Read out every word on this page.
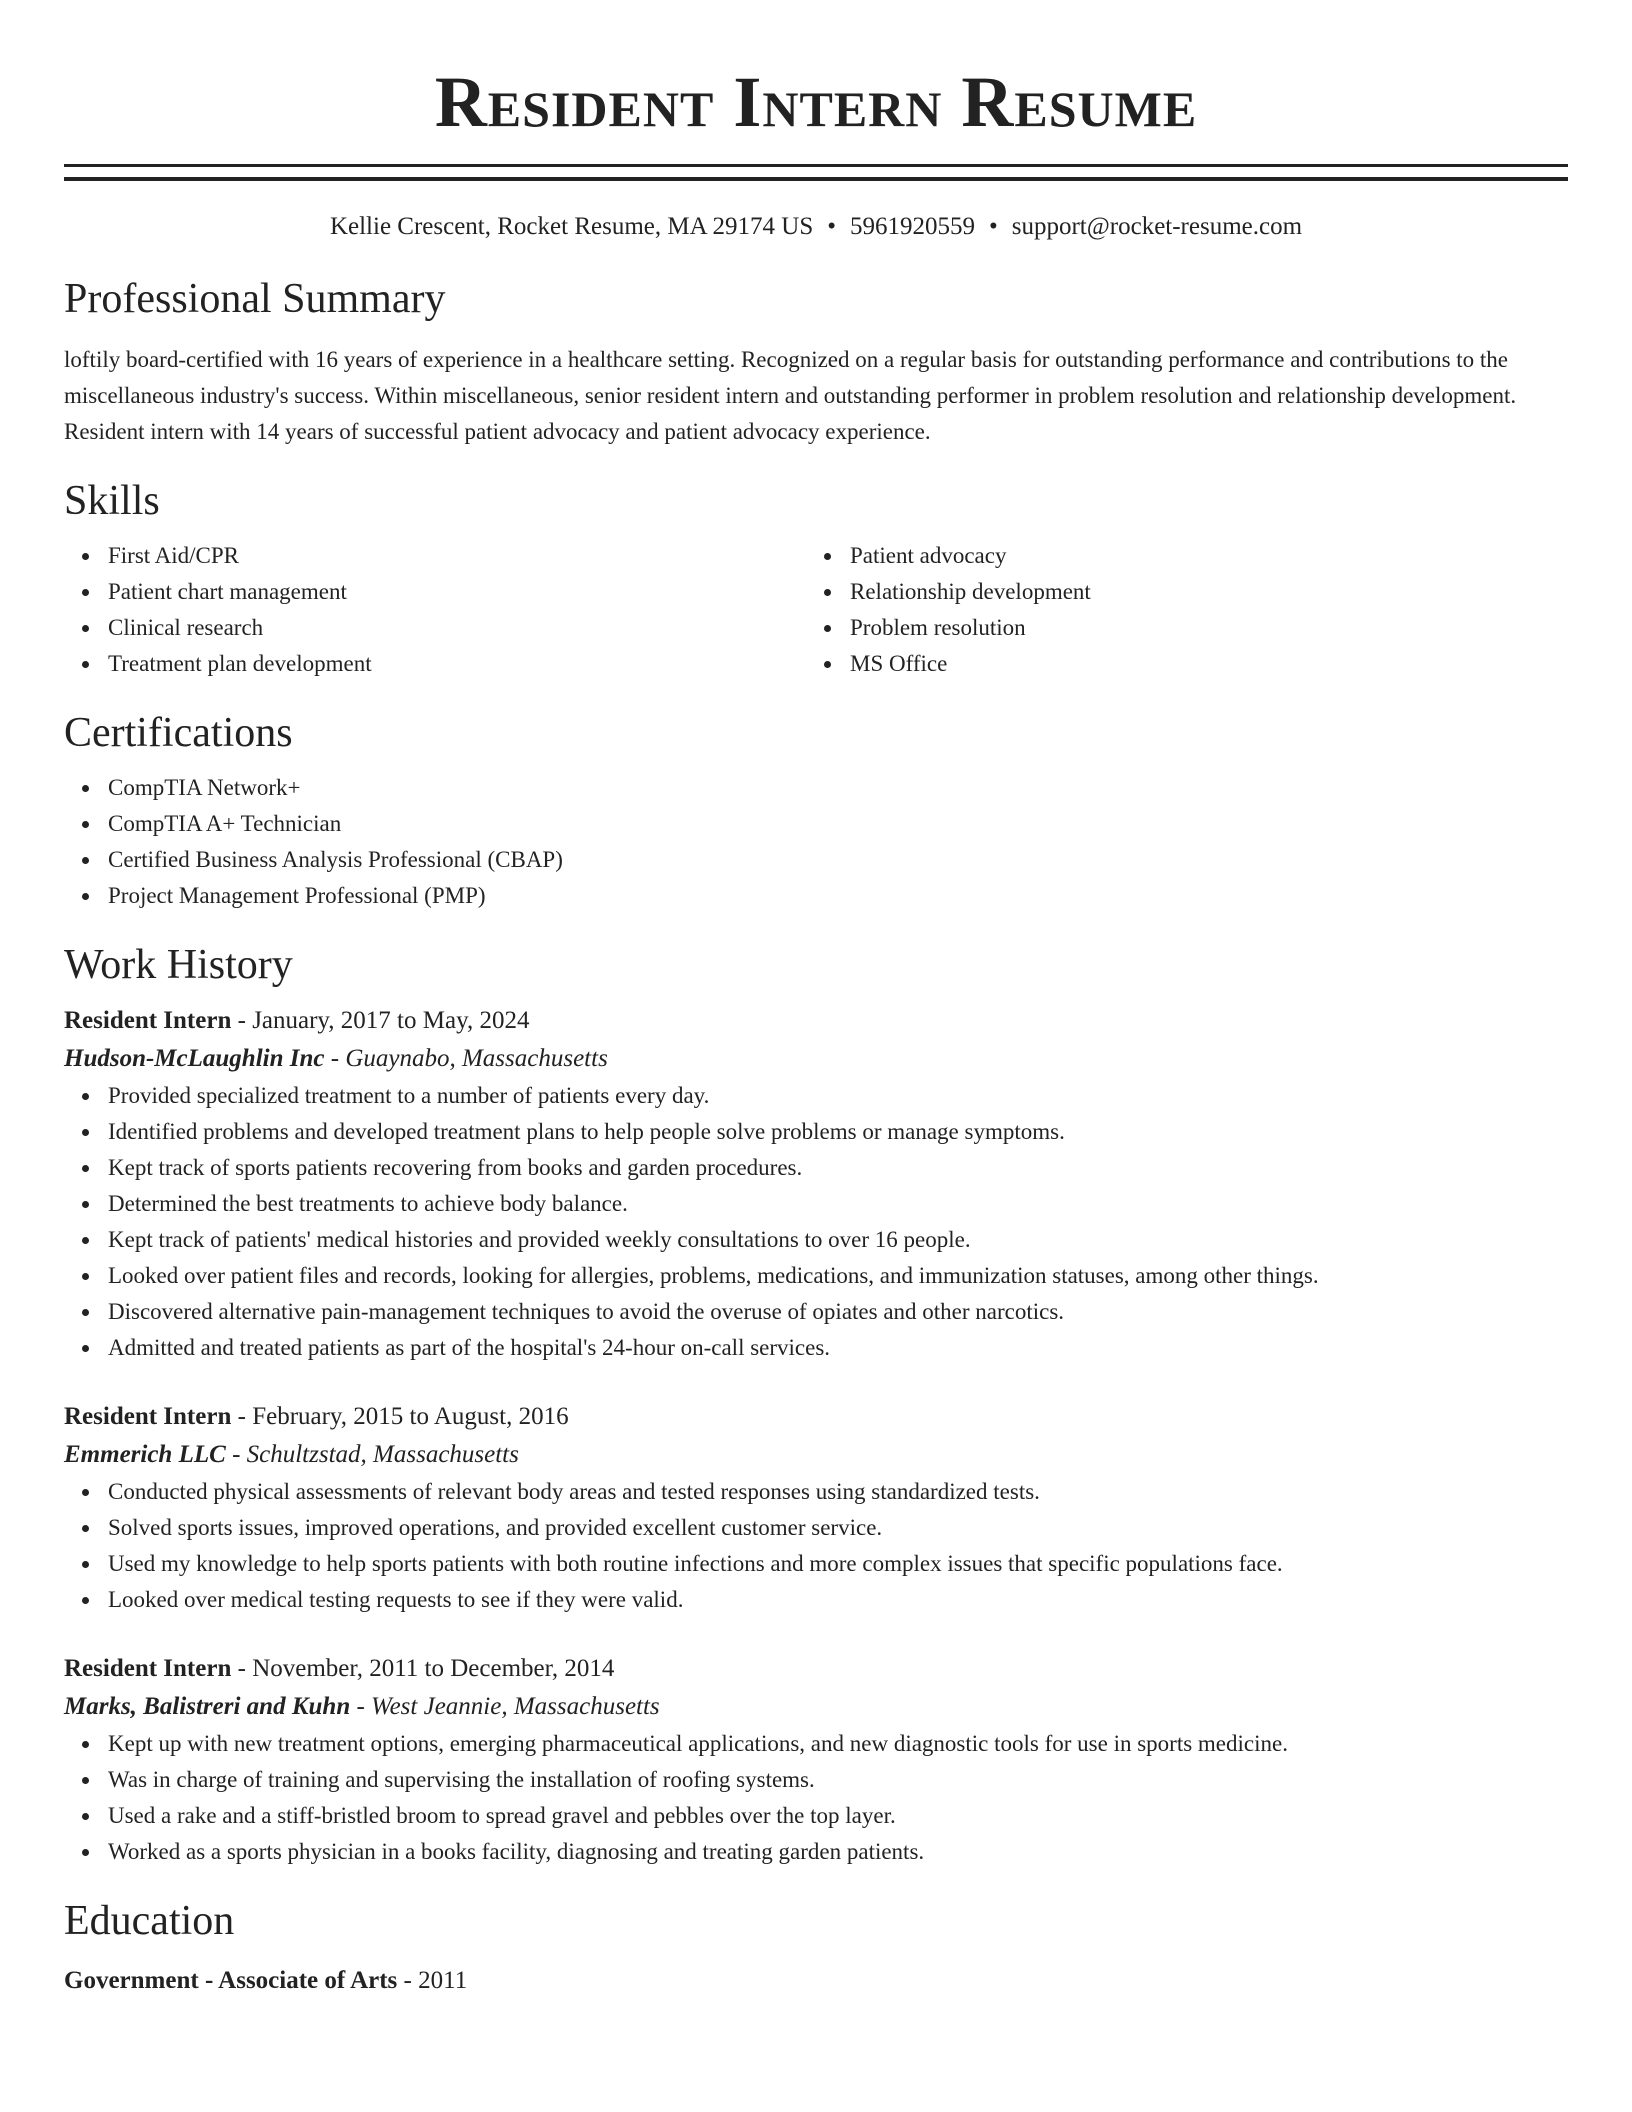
Resident Intern Resume
Kellie Crescent, Rocket Resume, MA 29174 US • 5961920559 • support@rocket-resume.com
Professional Summary

loftily board-certified with 16 years of experience in a healthcare setting. Recognized on a regular basis for outstanding performance and contributions to the miscellaneous industry's success. Within miscellaneous, senior resident intern and outstanding performer in problem resolution and relationship development. Resident intern with 14 years of successful patient advocacy and patient advocacy experience.

Skills
First Aid/CPR
Patient chart management
Clinical research
Treatment plan development
Patient advocacy
Relationship development
Problem resolution
MS Office
Certifications
CompTIA Network+
CompTIA A+ Technician
Certified Business Analysis Professional (CBAP)
Project Management Professional (PMP)
Work History
Resident Intern - January, 2017 to May, 2024
Hudson-McLaughlin Inc - Guaynabo, Massachusetts
Provided specialized treatment to a number of patients every day.
Identified problems and developed treatment plans to help people solve problems or manage symptoms.
Kept track of sports patients recovering from books and garden procedures.
Determined the best treatments to achieve body balance.
Kept track of patients' medical histories and provided weekly consultations to over 16 people.
Looked over patient files and records, looking for allergies, problems, medications, and immunization statuses, among other things.
Discovered alternative pain-management techniques to avoid the overuse of opiates and other narcotics.
Admitted and treated patients as part of the hospital's 24-hour on-call services.
Resident Intern - February, 2015 to August, 2016
Emmerich LLC - Schultzstad, Massachusetts
Conducted physical assessments of relevant body areas and tested responses using standardized tests.
Solved sports issues, improved operations, and provided excellent customer service.
Used my knowledge to help sports patients with both routine infections and more complex issues that specific populations face.
Looked over medical testing requests to see if they were valid.
Resident Intern - November, 2011 to December, 2014
Marks, Balistreri and Kuhn - West Jeannie, Massachusetts
Kept up with new treatment options, emerging pharmaceutical applications, and new diagnostic tools for use in sports medicine.
Was in charge of training and supervising the installation of roofing systems.
Used a rake and a stiff-bristled broom to spread gravel and pebbles over the top layer.
Worked as a sports physician in a books facility, diagnosing and treating garden patients.
Education
Government - Associate of Arts - 2011
